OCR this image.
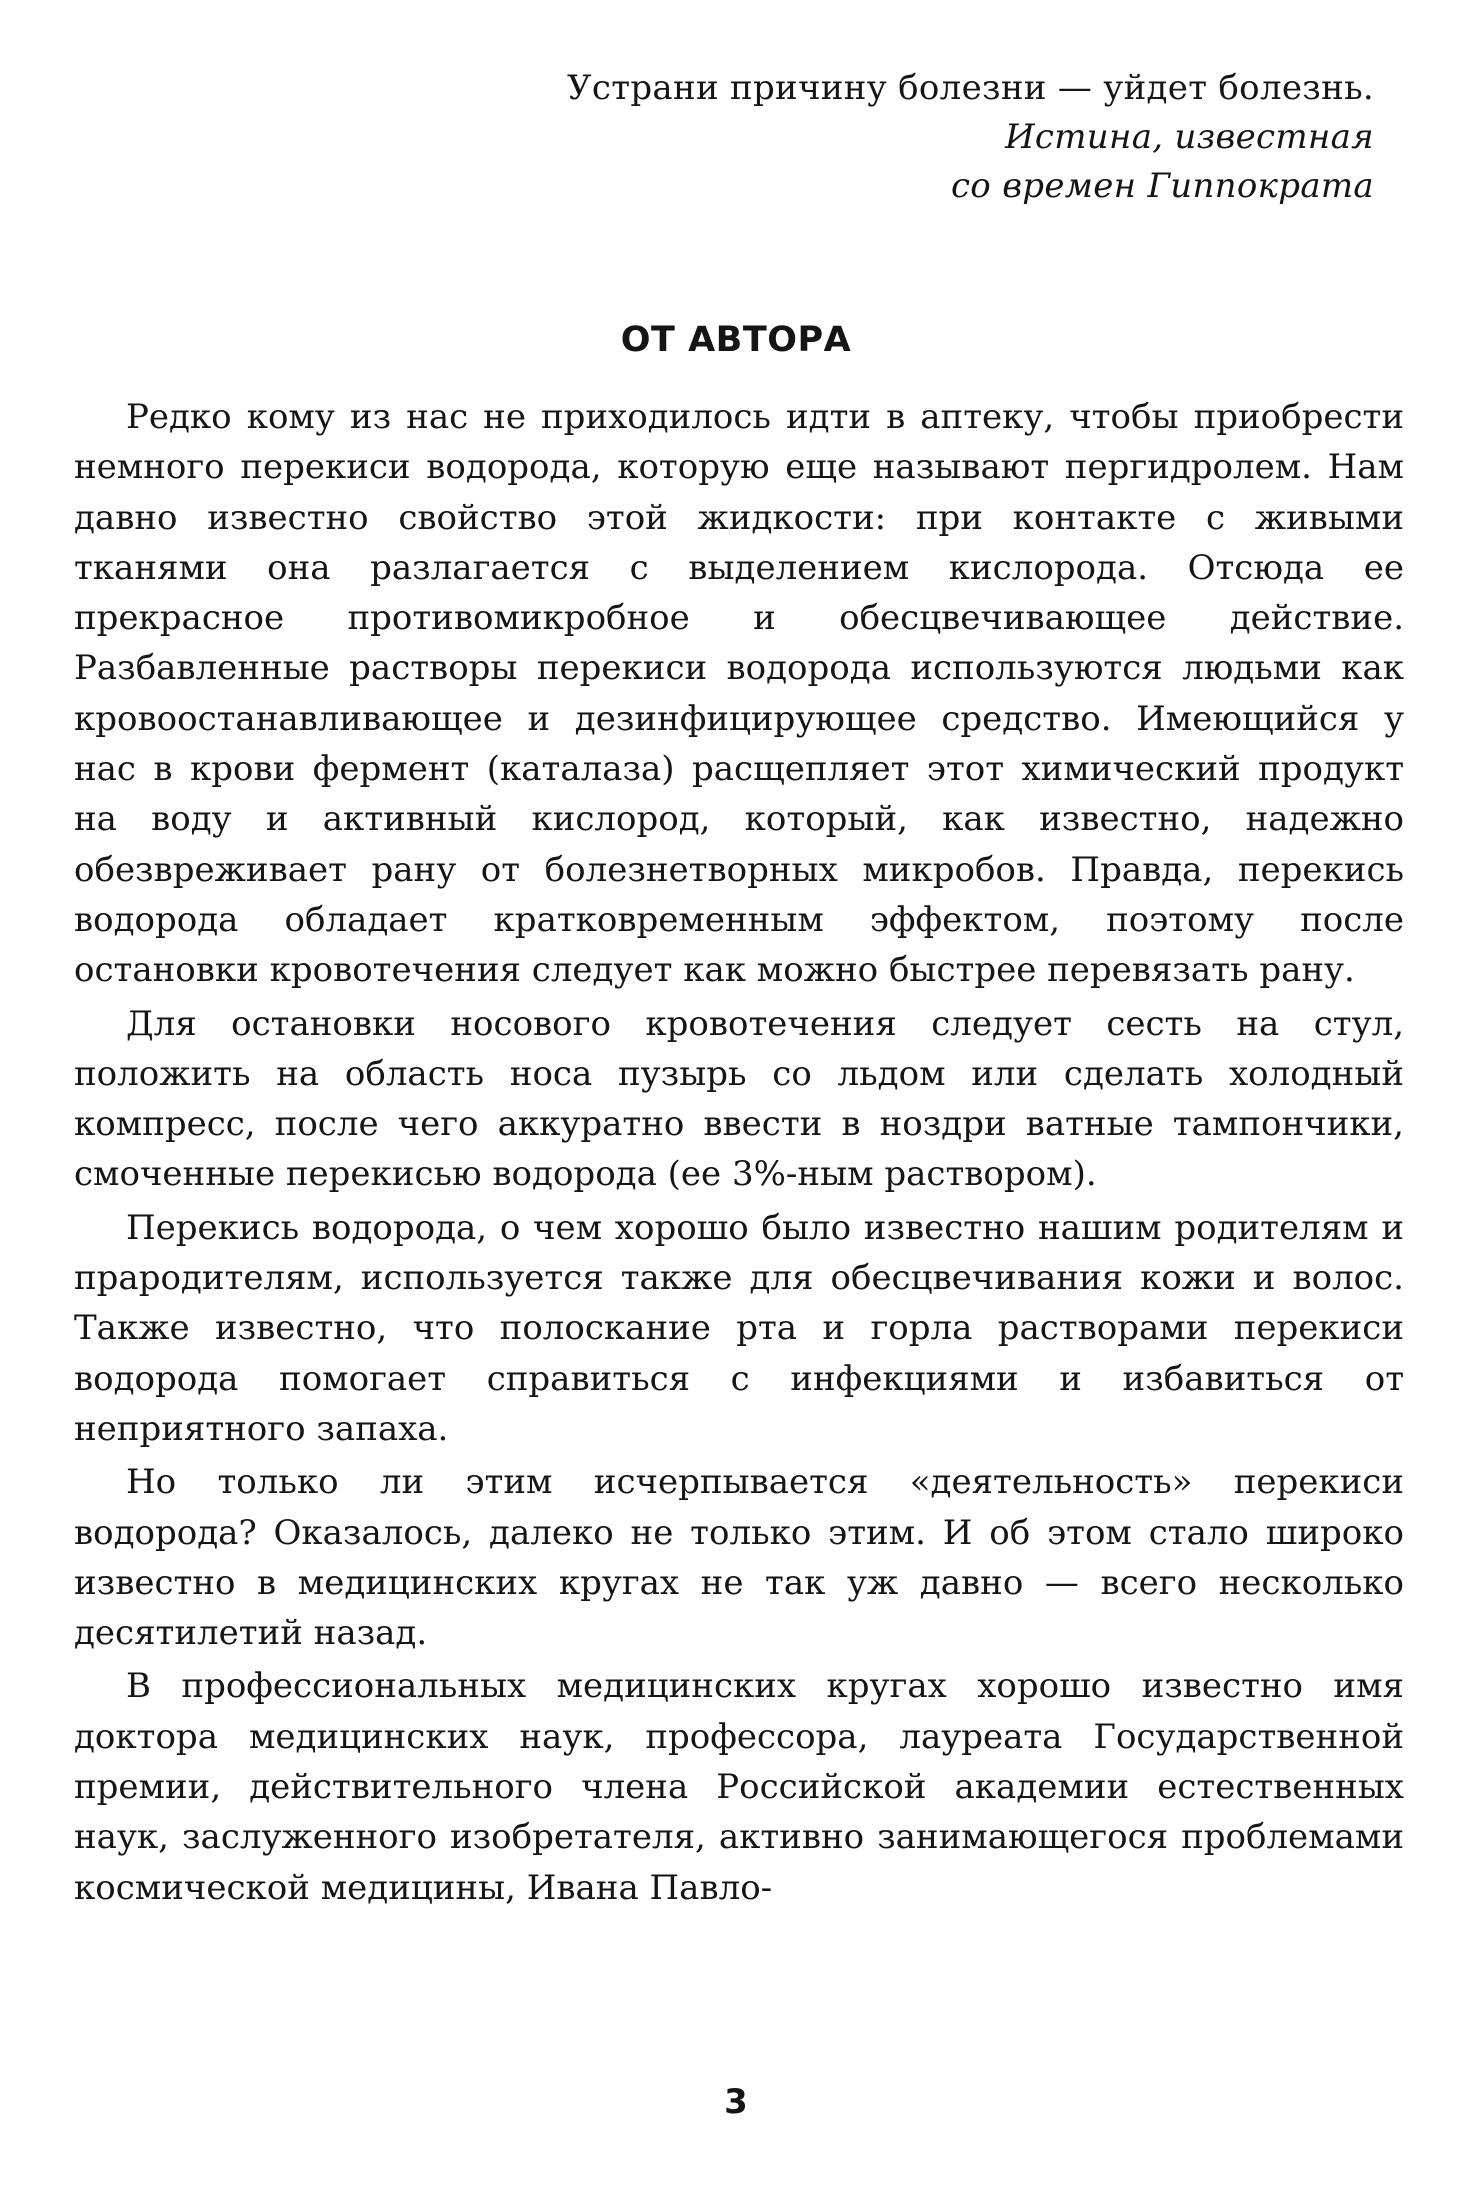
Устрани причину болезни — уйдет болезнь.
Истина, известная
со времен Гиппократа
ОТ АВТОРА

Редко кому из нас не приходилось идти в аптеку, чтобы приобрести немного перекиси водорода, которую еще называют пергидролем. Нам давно известно свойство этой жидкости: при контакте с живыми тканями она разлагается с выделением кислорода. Отсюда ее прекрасное противомикробное и обесцвечивающее действие. Разбавленные растворы перекиси водорода используются людьми как кровоостанавливающее и дезинфицирующее средство. Имеющийся у нас в крови фермент (каталаза) расщепляет этот химический продукт на воду и активный кислород, который, как известно, надежно обезвреживает рану от болезнетворных микробов. Правда, перекись водорода обладает кратковременным эффектом, поэтому после остановки кровотечения следует как можно быстрее перевязать рану.

Для остановки носового кровотечения следует сесть на стул, положить на область носа пузырь со льдом или сделать холодный компресс, после чего аккуратно ввести в ноздри ватные тампончики, смоченные перекисью водорода (ее 3%-ным раствором).

Перекись водорода, о чем хорошо было известно нашим родителям и прародителям, используется также для обесцвечивания кожи и волос. Также известно, что полоскание рта и горла растворами перекиси водорода помогает справиться с инфекциями и избавиться от неприятного запаха.

Но только ли этим исчерпывается «деятельность» перекиси водорода? Оказалось, далеко не только этим. И об этом стало широко известно в медицинских кругах не так уж давно — всего несколько десятилетий назад.

В профессиональных медицинских кругах хорошо известно имя доктора медицинских наук, профессора, лауреата Государственной премии, действительного члена Российской академии естественных наук, заслуженного изобретателя, активно занимающегося проблемами космической медицины, Ивана Павло-

3
